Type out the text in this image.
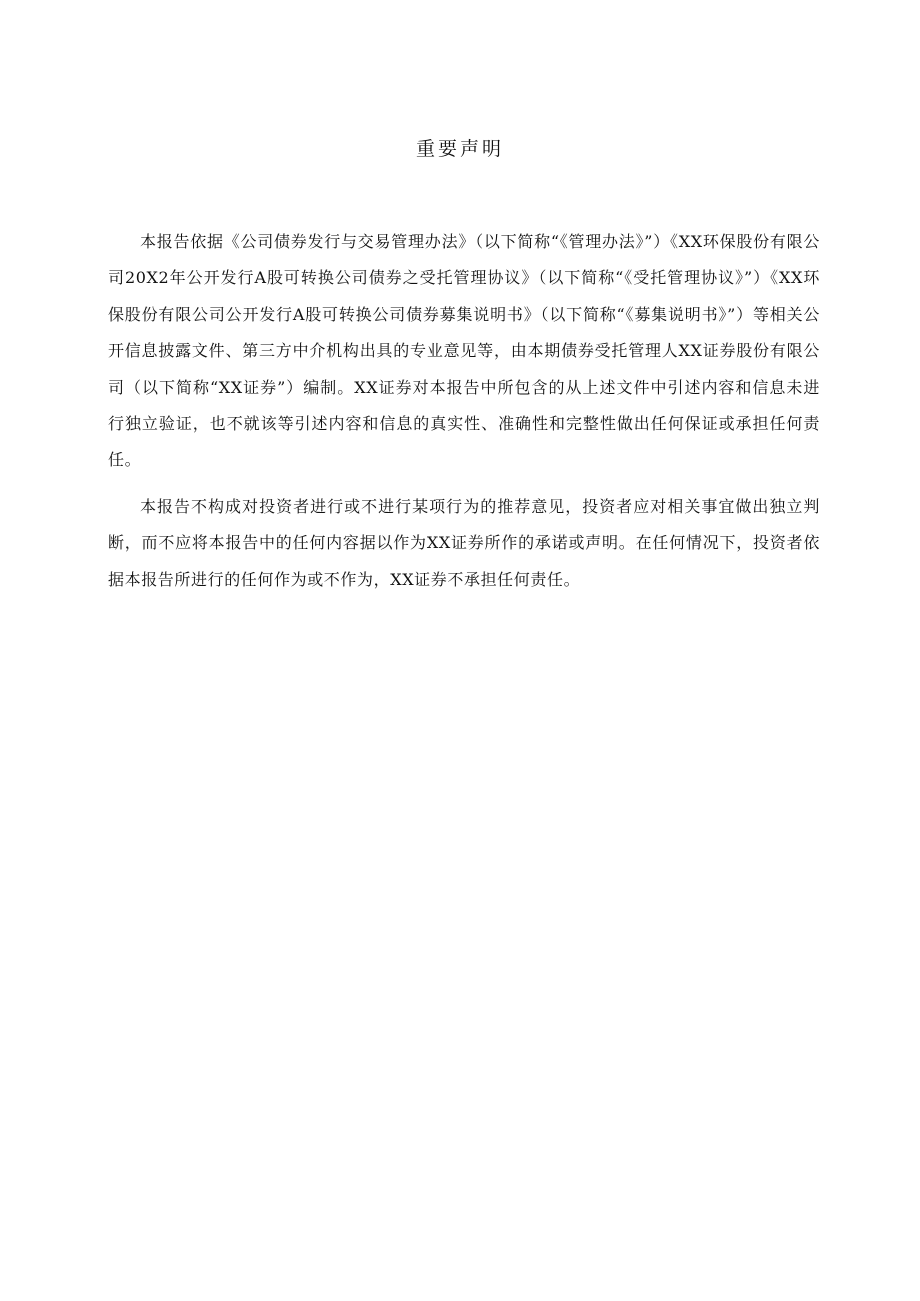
重要声明

本报告依据《公司债券发行与交易管理办法》（以下简称“《管理办法》”）《XX环保股份有限公司20X2年公开发行A股可转换公司债券之受托管理协议》（以下简称“《受托管理协议》”）《XX环保股份有限公司公开发行A股可转换公司债券募集说明书》（以下简称“《募集说明书》”）等相关公开信息披露文件、第三方中介机构出具的专业意见等，由本期债券受托管理人XX证券股份有限公司（以下简称“XX证券”）编制。XX证券对本报告中所包含的从上述文件中引述内容和信息未进行独立验证，也不就该等引述内容和信息的真实性、准确性和完整性做出任何保证或承担任何责任。

本报告不构成对投资者进行或不进行某项行为的推荐意见，投资者应对相关事宜做出独立判断，而不应将本报告中的任何内容据以作为XX证券所作的承诺或声明。在任何情况下，投资者依据本报告所进行的任何作为或不作为，XX证券不承担任何责任。
